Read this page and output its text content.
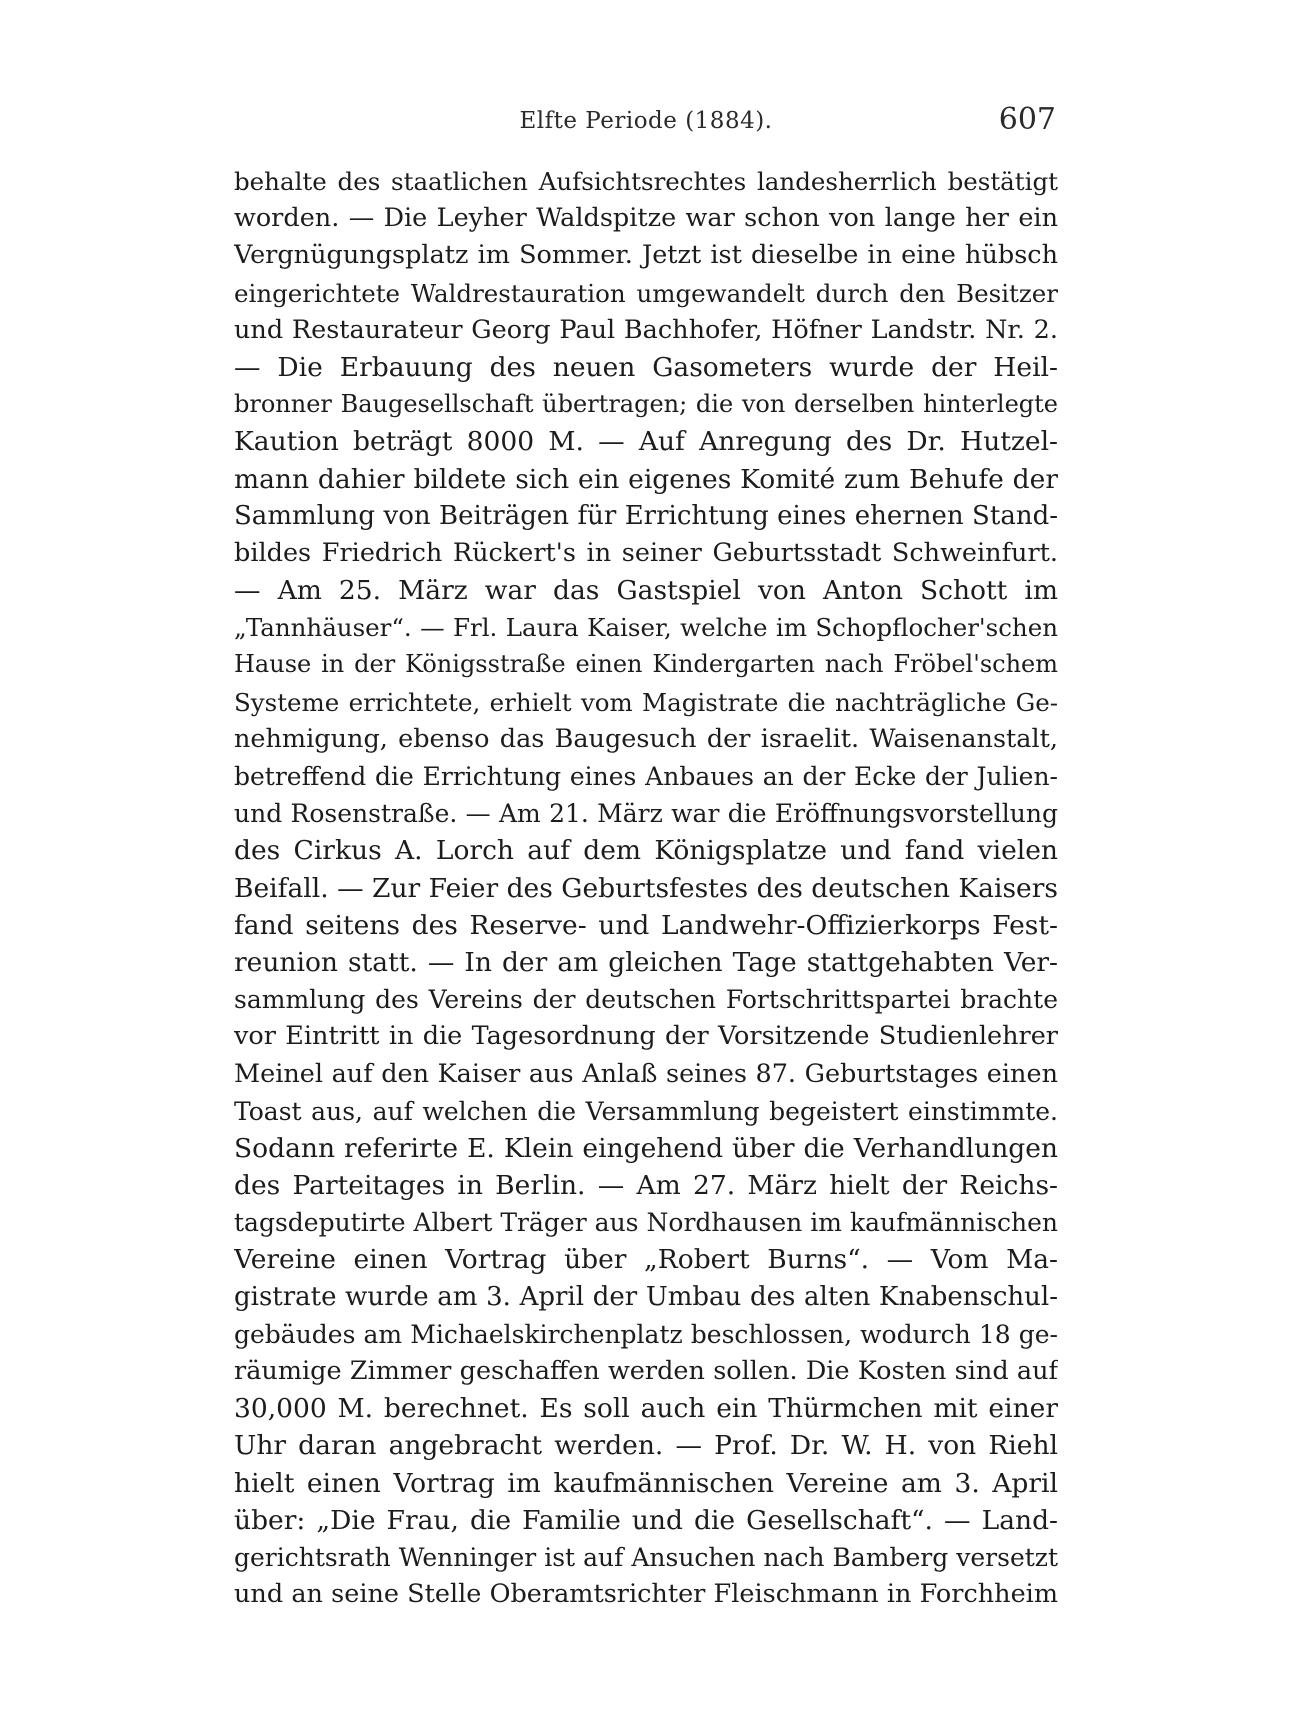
Elfte Periode (1884).	607
behalte des staatlichen Aufsichtsrechtes landesherrlich bestätigt
worden. — Die Leyher Waldspitze war schon von lange her ein
Vergnügungsplatz im Sommer. Jetzt ist dieselbe in eine hübsch
eingerichtete Waldrestauration umgewandelt durch den Besitzer
und Restaurateur Georg Paul Bachhofer, Höfner Landstr. Nr. 2.
— Die Erbauung des neuen Gasometers wurde der Heil-
bronner Baugesellschaft übertragen; die von derselben hinterlegte
Kaution beträgt 8000 M. — Auf Anregung des Dr. Hutzel-
mann dahier bildete sich ein eigenes Komité zum Behufe der
Sammlung von Beiträgen für Errichtung eines ehernen Stand-
bildes Friedrich Rückert's in seiner Geburtsstadt Schweinfurt.
— Am 25. März war das Gastspiel von Anton Schott im
„Tannhäuser“. — Frl. Laura Kaiser, welche im Schopflocher'schen
Hause in der Königsstraße einen Kindergarten nach Fröbel'schem
Systeme errichtete, erhielt vom Magistrate die nachträgliche Ge-
nehmigung, ebenso das Baugesuch der israelit. Waisenanstalt,
betreffend die Errichtung eines Anbaues an der Ecke der Julien-
und Rosenstraße. — Am 21. März war die Eröffnungsvorstellung
des Cirkus A. Lorch auf dem Königsplatze und fand vielen
Beifall. — Zur Feier des Geburtsfestes des deutschen Kaisers
fand seitens des Reserve- und Landwehr-Offizierkorps Fest-
reunion statt. — In der am gleichen Tage stattgehabten Ver-
sammlung des Vereins der deutschen Fortschrittspartei brachte
vor Eintritt in die Tagesordnung der Vorsitzende Studienlehrer
Meinel auf den Kaiser aus Anlaß seines 87. Geburtstages einen
Toast aus, auf welchen die Versammlung begeistert einstimmte.
Sodann referirte E. Klein eingehend über die Verhandlungen
des Parteitages in Berlin. — Am 27. März hielt der Reichs-
tagsdeputirte Albert Träger aus Nordhausen im kaufmännischen
Vereine einen Vortrag über „Robert Burns“. — Vom Ma-
gistrate wurde am 3. April der Umbau des alten Knabenschul-
gebäudes am Michaelskirchenplatz beschlossen, wodurch 18 ge-
räumige Zimmer geschaffen werden sollen. Die Kosten sind auf
30,000 M. berechnet. Es soll auch ein Thürmchen mit einer
Uhr daran angebracht werden. — Prof. Dr. W. H. von Riehl
hielt einen Vortrag im kaufmännischen Vereine am 3. April
über: „Die Frau, die Familie und die Gesellschaft“. — Land-
gerichtsrath Wenninger ist auf Ansuchen nach Bamberg versetzt
und an seine Stelle Oberamtsrichter Fleischmann in Forchheim
